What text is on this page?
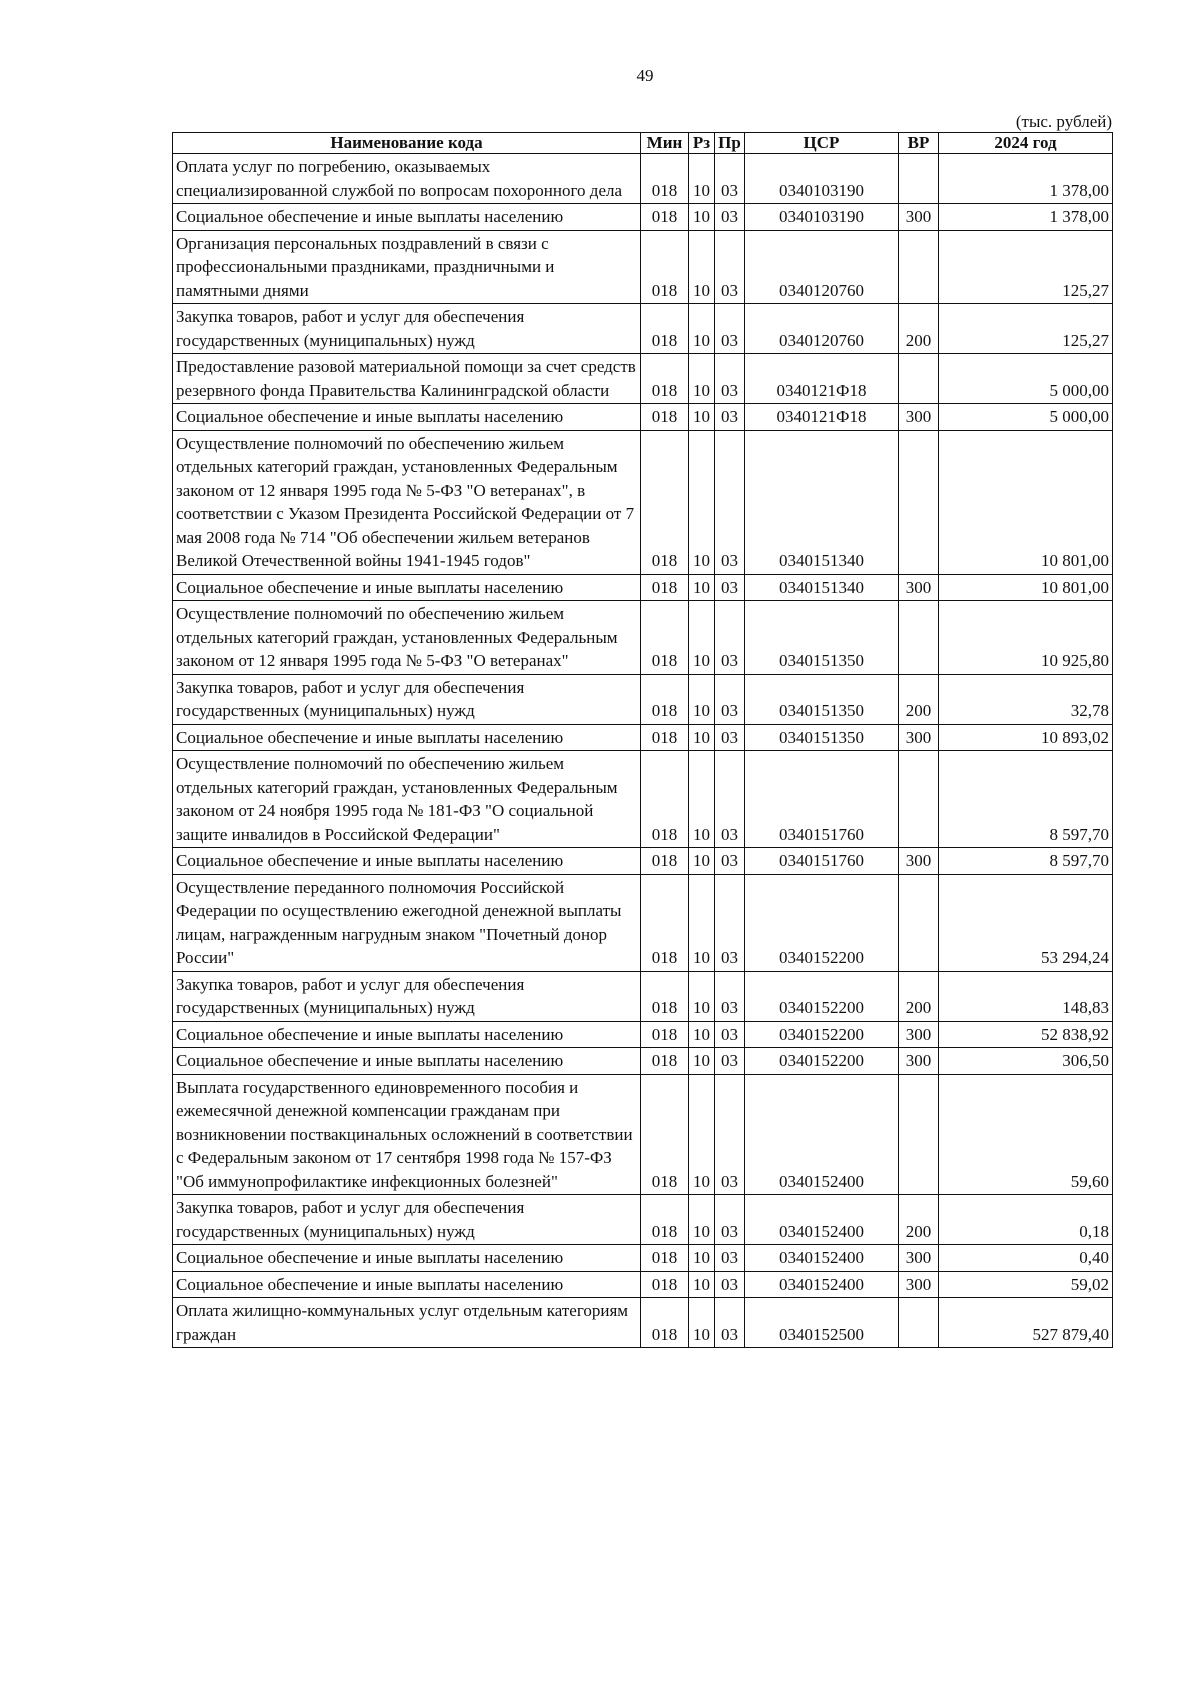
49
(тыс. рублей)
Наименование кода	Мин	Рз	Пр	ЦСР	ВР	2024 год
Оплата услуг по погребению, оказываемых специализированной службой по вопросам похоронного дела	018	10	03	0340103190		1 378,00
Социальное обеспечение и иные выплаты населению	018	10	03	0340103190	300	1 378,00
Организация персональных поздравлений в связи с профессиональными праздниками, праздничными и памятными днями	018	10	03	0340120760		125,27
Закупка товаров, работ и услуг для обеспечения государственных (муниципальных) нужд	018	10	03	0340120760	200	125,27
Предоставление разовой материальной помощи за счет средств резервного фонда Правительства Калининградской области	018	10	03	0340121Ф18		5 000,00
Социальное обеспечение и иные выплаты населению	018	10	03	0340121Ф18	300	5 000,00
Осуществление полномочий по обеспечению жильем отдельных категорий граждан, установленных Федеральным законом от 12 января 1995 года № 5-ФЗ "О ветеранах", в соответствии с Указом Президента Российской Федерации от 7 мая 2008 года № 714 "Об обеспечении жильем ветеранов Великой Отечественной войны 1941-1945 годов"	018	10	03	0340151340		10 801,00
Социальное обеспечение и иные выплаты населению	018	10	03	0340151340	300	10 801,00
Осуществление полномочий по обеспечению жильем отдельных категорий граждан, установленных Федеральным законом от 12 января 1995 года № 5-ФЗ "О ветеранах"	018	10	03	0340151350		10 925,80
Закупка товаров, работ и услуг для обеспечения государственных (муниципальных) нужд	018	10	03	0340151350	200	32,78
Социальное обеспечение и иные выплаты населению	018	10	03	0340151350	300	10 893,02
Осуществление полномочий по обеспечению жильем отдельных категорий граждан, установленных Федеральным законом от 24 ноября 1995 года № 181-ФЗ "О социальной защите инвалидов в Российской Федерации"	018	10	03	0340151760		8 597,70
Социальное обеспечение и иные выплаты населению	018	10	03	0340151760	300	8 597,70
Осуществление переданного полномочия Российской Федерации по осуществлению ежегодной денежной выплаты лицам, награжденным нагрудным знаком "Почетный донор России"	018	10	03	0340152200		53 294,24
Закупка товаров, работ и услуг для обеспечения государственных (муниципальных) нужд	018	10	03	0340152200	200	148,83
Социальное обеспечение и иные выплаты населению	018	10	03	0340152200	300	52 838,92
Социальное обеспечение и иные выплаты населению	018	10	03	0340152200	300	306,50
Выплата государственного единовременного пособия и ежемесячной денежной компенсации гражданам при возникновении поствакцинальных осложнений в соответствии с Федеральным законом от 17 сентября 1998 года № 157-ФЗ "Об иммунопрофилактике инфекционных болезней"	018	10	03	0340152400		59,60
Закупка товаров, работ и услуг для обеспечения государственных (муниципальных) нужд	018	10	03	0340152400	200	0,18
Социальное обеспечение и иные выплаты населению	018	10	03	0340152400	300	0,40
Социальное обеспечение и иные выплаты населению	018	10	03	0340152400	300	59,02
Оплата жилищно-коммунальных услуг отдельным категориям граждан	018	10	03	0340152500		527 879,40
